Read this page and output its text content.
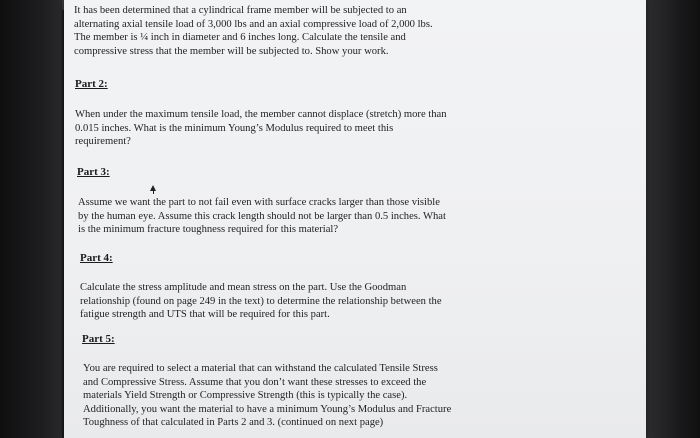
It has been determined that a cylindrical frame member will be subjected to an
alternating axial tensile load of 3,000 lbs and an axial compressive load of 2,000 lbs.
The member is ¼ inch in diameter and 6 inches long. Calculate the tensile and
compressive stress that the member will be subjected to. Show your work.
Part 2:
When under the maximum tensile load, the member cannot displace (stretch) more than
0.015 inches. What is the minimum Young’s Modulus required to meet this
requirement?
Part 3:
Assume we want the part to not fail even with surface cracks larger than those visible
by the human eye. Assume this crack length should not be larger than 0.5 inches. What
is the minimum fracture toughness required for this material?
Part 4:
Calculate the stress amplitude and mean stress on the part. Use the Goodman
relationship (found on page 249 in the text) to determine the relationship between the
fatigue strength and UTS that will be required for this part.
Part 5:
You are required to select a material that can withstand the calculated Tensile Stress
and Compressive Stress. Assume that you don’t want these stresses to exceed the
materials Yield Strength or Compressive Strength (this is typically the case).
Additionally, you want the material to have a minimum Young’s Modulus and Fracture
Toughness of that calculated in Parts 2 and 3. (continued on next page)
